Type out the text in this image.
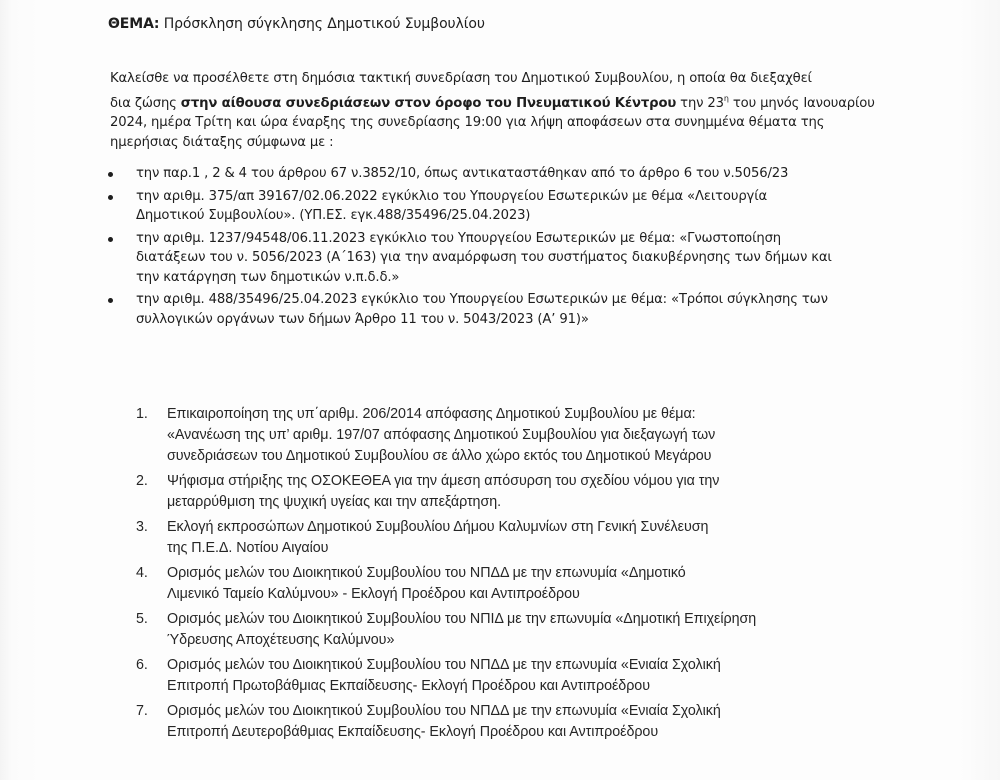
ΘΕΜΑ: Πρόσκληση σύγκλησης Δημοτικού Συμβουλίου
Καλείσθε να προσέλθετε στη δημόσια τακτική συνεδρίαση του Δημοτικού Συμβουλίου, η οποία θα διεξαχθεί
δια ζώσης στην αίθουσα συνεδριάσεων στον όροφο του Πνευματικού Κέντρου την $23^\eta$ του μηνός Ιανουαρίου
2024, ημέρα Τρίτη και ώρα έναρξης της συνεδρίασης 19:00 για λήψη αποφάσεων στα συνημμένα θέματα της
ημερήσιας διάταξης σύμφωνα με :
την παρ.1 , 2 & 4 του άρθρου 67 ν.3852/10, όπως αντικαταστάθηκαν από το άρθρο 6 του ν.5056/23
την αριθμ. 375/απ 39167/02.06.2022 εγκύκλιο του Υπουργείου Εσωτερικών με θέμα «Λειτουργία
Δημοτικού Συμβουλίου». (ΥΠ.ΕΣ. εγκ.488/35496/25.04.2023)
την αριθμ. 1237/94548/06.11.2023 εγκύκλιο του Υπουργείου Εσωτερικών με θέμα: «Γνωστοποίηση
διατάξεων του ν. 5056/2023 (Α΄163) για την αναμόρφωση του συστήματος διακυβέρνησης των δήμων και
την κατάργηση των δημοτικών ν.π.δ.δ.»
την αριθμ. 488/35496/25.04.2023 εγκύκλιο του Υπουργείου Εσωτερικών με θέμα: «Τρόποι σύγκλησης των
συλλογικών οργάνων των δήμων Άρθρο 11 του ν. 5043/2023 (Α’ 91)»
1. Επικαιροποίηση της υπ΄αριθμ. 206/2014 απόφασης Δημοτικού Συμβουλίου με θέμα:
«Ανανέωση της υπ’ αριθμ. 197/07 απόφασης Δημοτικού Συμβουλίου για διεξαγωγή των
συνεδριάσεων του Δημοτικού Συμβουλίου σε άλλο χώρο εκτός του Δημοτικού Μεγάρου
2. Ψήφισμα στήριξης της ΟΣΟΚΕΘΕΑ για την άμεση απόσυρση του σχεδίου νόμου για την
μεταρρύθμιση της ψυχική υγείας και την απεξάρτηση.
3. Εκλογή εκπροσώπων Δημοτικού Συμβουλίου Δήμου Καλυμνίων στη Γενική Συνέλευση
της Π.Ε.Δ. Νοτίου Αιγαίου
4. Ορισμός μελών του Διοικητικού Συμβουλίου του ΝΠΔΔ με την επωνυμία «Δημοτικό
Λιμενικό Ταμείο Καλύμνου» - Εκλογή Προέδρου και Αντιπροέδρου
5. Ορισμός μελών του Διοικητικού Συμβουλίου του ΝΠΙΔ με την επωνυμία «Δημοτική Επιχείρηση
Ύδρευσης Αποχέτευσης Καλύμνου»
6. Ορισμός μελών του Διοικητικού Συμβουλίου του ΝΠΔΔ με την επωνυμία «Ενιαία Σχολική
Επιτροπή Πρωτοβάθμιας Εκπαίδευσης- Εκλογή Προέδρου και Αντιπροέδρου
7. Ορισμός μελών του Διοικητικού Συμβουλίου του ΝΠΔΔ με την επωνυμία «Ενιαία Σχολική
Επιτροπή Δευτεροβάθμιας Εκπαίδευσης- Εκλογή Προέδρου και Αντιπροέδρου
